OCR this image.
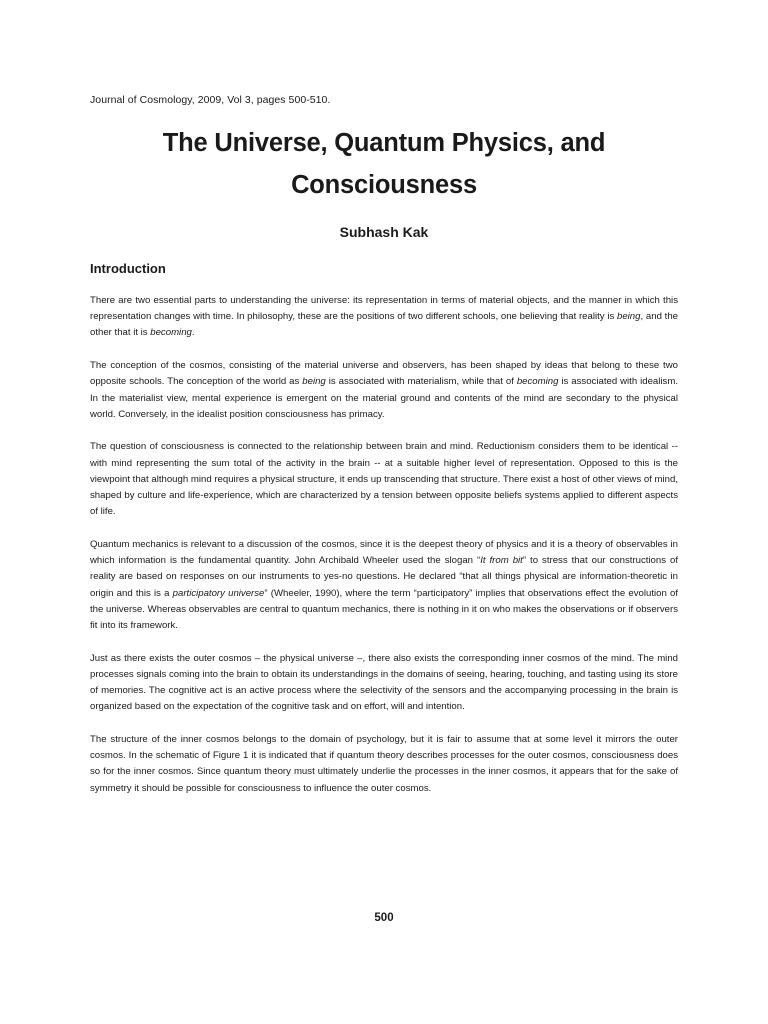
Journal of Cosmology, 2009, Vol 3, pages 500-510.
The Universe, Quantum Physics, and Consciousness
Subhash Kak
Introduction

There are two essential parts to understanding the universe: its representation in terms of material objects, and the manner in which this representation changes with time. In philosophy, these are the positions of two different schools, one believing that reality is being, and the other that it is becoming.

The conception of the cosmos, consisting of the material universe and observers, has been shaped by ideas that belong to these two opposite schools. The conception of the world as being is associated with materialism, while that of becoming is associated with idealism. In the materialist view, mental experience is emergent on the material ground and contents of the mind are secondary to the physical world. Conversely, in the idealist position consciousness has primacy.

The question of consciousness is connected to the relationship between brain and mind. Reductionism considers them to be identical -- with mind representing the sum total of the activity in the brain -- at a suitable higher level of representation. Opposed to this is the viewpoint that although mind requires a physical structure, it ends up transcending that structure. There exist a host of other views of mind, shaped by culture and life-experience, which are characterized by a tension between opposite beliefs systems applied to different aspects of life.

Quantum mechanics is relevant to a discussion of the cosmos, since it is the deepest theory of physics and it is a theory of observables in which information is the fundamental quantity. John Archibald Wheeler used the slogan “It from bit” to stress that our constructions of reality are based on responses on our instruments to yes-no questions. He declared “that all things physical are information-theoretic in origin and this is a participatory universe” (Wheeler, 1990), where the term “participatory” implies that observations effect the evolution of the universe. Whereas observables are central to quantum mechanics, there is nothing in it on who makes the observations or if observers fit into its framework.

Just as there exists the outer cosmos – the physical universe –, there also exists the corresponding inner cosmos of the mind. The mind processes signals coming into the brain to obtain its understandings in the domains of seeing, hearing, touching, and tasting using its store of memories. The cognitive act is an active process where the selectivity of the sensors and the accompanying processing in the brain is organized based on the expectation of the cognitive task and on effort, will and intention.

The structure of the inner cosmos belongs to the domain of psychology, but it is fair to assume that at some level it mirrors the outer cosmos. In the schematic of Figure 1 it is indicated that if quantum theory describes processes for the outer cosmos, consciousness does so for the inner cosmos. Since quantum theory must ultimately underlie the processes in the inner cosmos, it appears that for the sake of symmetry it should be possible for consciousness to influence the outer cosmos.

500
